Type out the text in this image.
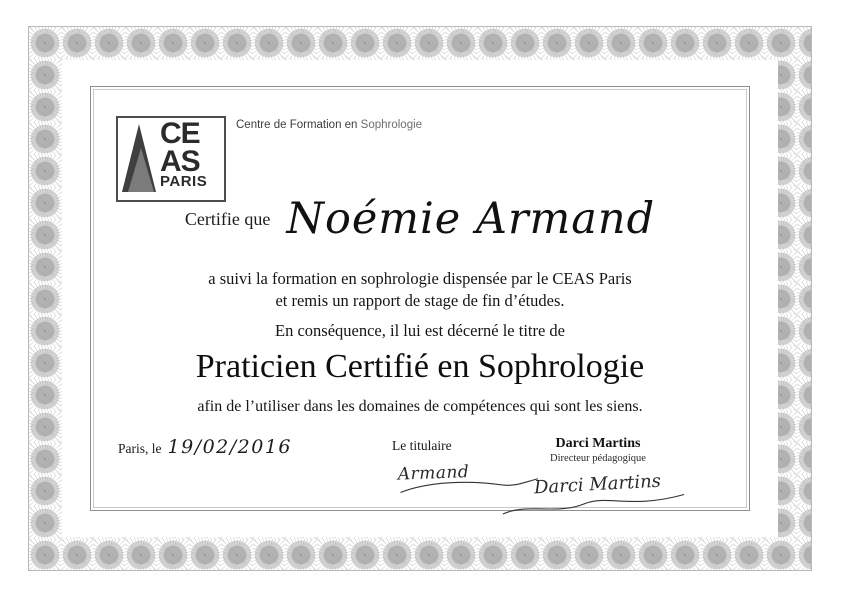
CE
AS
PARIS
Centre de Formation en Sophrologie
Certifie que Noémie Armand
a suivi la formation en sophrologie dispensée par le CEAS Paris
et remis un rapport de stage de fin d’études.
En conséquence, il lui est décerné le titre de
Praticien Certifié en Sophrologie
afin de l’utiliser dans les domaines de compétences qui sont les siens.
Paris, le 19/02/2016	Le titulaire
Armand
Darci Martins
Directeur pédagogique
Darci Martins
